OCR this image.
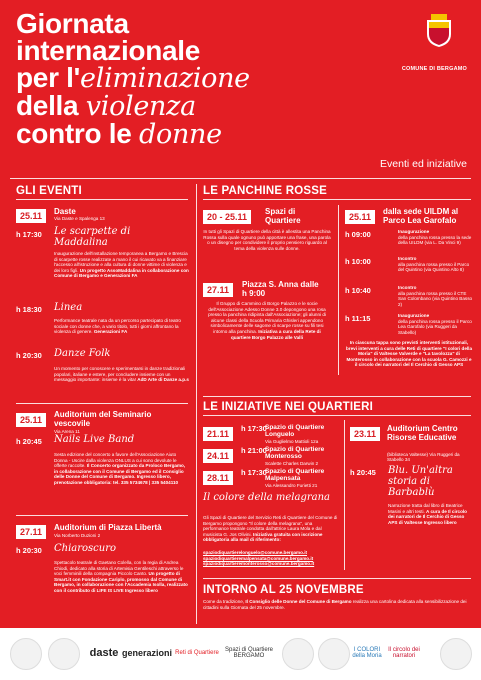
Giornata
internazionale
per l'eliminazione
della violenza
contro le donne
COMUNE DI BERGAMO
Eventi ed iniziative
GLI EVENTI
25.11 Daste
Via Daste e Spalenga 13
h 17:30 Le scarpette di Maddalina
Inaugurazione dell'installazione temporanea a Bergamo e Brescia di scarpette rosse realizzate a mano il cui ricavato va a finanziare l'accesso all'istruzione e alla cultura di donne vittime di violenza e dei loro figli. Un progetto AssoMaddalina in collaborazione con Comune di Bergamo e Generazioni FA
h 18:30 Linea
Performance teatrale nata da un percorso partecipato di teatro sociale con donne che, a vario titolo, tutti i giorni affrontano la violenza di genere. Generazioni FA
h 20:30 Danze Folk
Un momento per conoscere e sperimentarsi in danze tradizionali popolari, italiane e estere, per concludere insieme con un messaggio importante: insieme è la vita! AdD Arte di Danze a.p.s
25.11
Auditorium del Seminario vescovile
Via Arena 11
h 20:45 Nails Live Band
Sesta edizione del concerto a favore dell'Associazione Aiuto Donna - Uscire dalla violenza ONLUS a cui sono devolute le offerte raccolte. Il Concerto organizzato da Proloco Bergamo, in collaborazione con il Comune di Bergamo ed il Consiglio delle Donne del Comune di Bergamo. Ingresso libero, prenotazione obbligatoria: tel. 335 5734678 | 335 5404110
27.11 Auditorium di Piazza Libertà
Via Norberto Duzioni 2
h 20:30 Chiaroscuro
Spettacolo teatrale di Gaetano Colella, con la regia di Andrea Chiodi, dedicato alla storia di Artemisia Gentileschi attraverso le voci femminili della compagnia Piccolo Canto. Un progetto di Smart.it con Fondazione Cariplo, promosso dal Comune di Bergamo, in collaborazione con l'Accademia Isolla, realizzato con il contributo di LIFE IS LIVE Ingresso libero
LE PANCHINE ROSSE
20 - 25.11
Spazi di Quartiere
In tutti gli Spazi di Quartiere della città è allestita una Panchina Rossa sulla quale ognuno può apportare una frase, una parola o un disegno per condividere il proprio pensiero riguardo al tema della violenza sulle donne.
27.11
Piazza S. Anna dalle h 9:00
Il Gruppo di Cammino di Borgo Palazzo e le socie dell'Associazione Adesso Donne 3.0 depongono una rosa presso la panchina ridipinta dall'Associazione; gli alunni di alcune classi della Scuola Primaria Ghisleri appendono simbolicamente delle sagome di scarpe rosse su fili tesi intorno alla panchina. Iniziativa a cura della Rete di quartiere Borgo Palazzo alle Valli
25.11
dalla sede UILDM al Parco Lea Garofalo
h 09:00	Inaugurazione
della panchina rossa presso la sede della UILDM (via L. Da Vinci 9)
h 10:00	Incontro
alla panchina rossa presso il Parco del Quintino (via Quintino Alto 8)
h 10:40	Incontro
alla panchina rossa presso il CTE San Colombano (via Quintino Basso 2)
h 11:15	Inaugurazione
della panchina rossa presso il Parco Lea Garofalo (via Ruggeri da Stabello)
In ciascuna tappa sono previsti interventi istituzionali, brevi interventi a cura delle Reti di quartiere "I colori della Moria" di Valtesse Valverde e "La tavolozza" di Monterosso in collaborazione con la scuola G. Camozzi e il circolo dei narratori del Il Cerchio di Gesso APS
LE INIZIATIVE NEI QUARTIERI
21.11
h 17:30
Spazio di Quartiere Longuelo
Via Guglielmo Mattioli 12a
24.11
h 21:00
Spazio di Quartiere Monterosso
Scalette Charles Darwin 2
28.11
h 17:30
Spazio di Quartiere Malpensata
Via Alessandro Furietti 21
Il colore della melagrana
Gli Spazi di Quartiere del Servizio Reti di Quartiere del Comune di Bergamo propongono "Il colore della melagrana", una performance teatrale condotta dall'attrice Laura Mola e dal musicista G. Jos Olivini. Iniziativa gratuita con iscrizione obbligatoria alla mail di riferimento:
spaziodiquartierelonguelo@comune.bergamo.it
spaziodiquartieremalpensata@comune.bergamo.it
spaziodiquartieremonterosso@comune.bergamo.it
23.11
Auditorium Centro Risorse Educative
(biblioteca Valtesse) Via Ruggeri da Stabello 34
h 20:45 Blu. Un'altra storia di Barbablù
Narrazione tratta dal libro di Beatrice Masini e altri testi. A cura de Il circolo dei narratori de Il Cerchio di Gesso APS di Valtesse Ingresso libero
INTORNO AL 25 NOVEMBRE
Come da tradizione, Il Consiglio delle Donne del Comune di Bergamo realizza una cartolina dedicata alla sensibilizzazione dei cittadini sulla Giornata del 25 novembre.
daste generazioni Reti di Quartiere Spazi di Quartiere BERGAMO
I COLORI della Moria
Il circolo dei narratori
